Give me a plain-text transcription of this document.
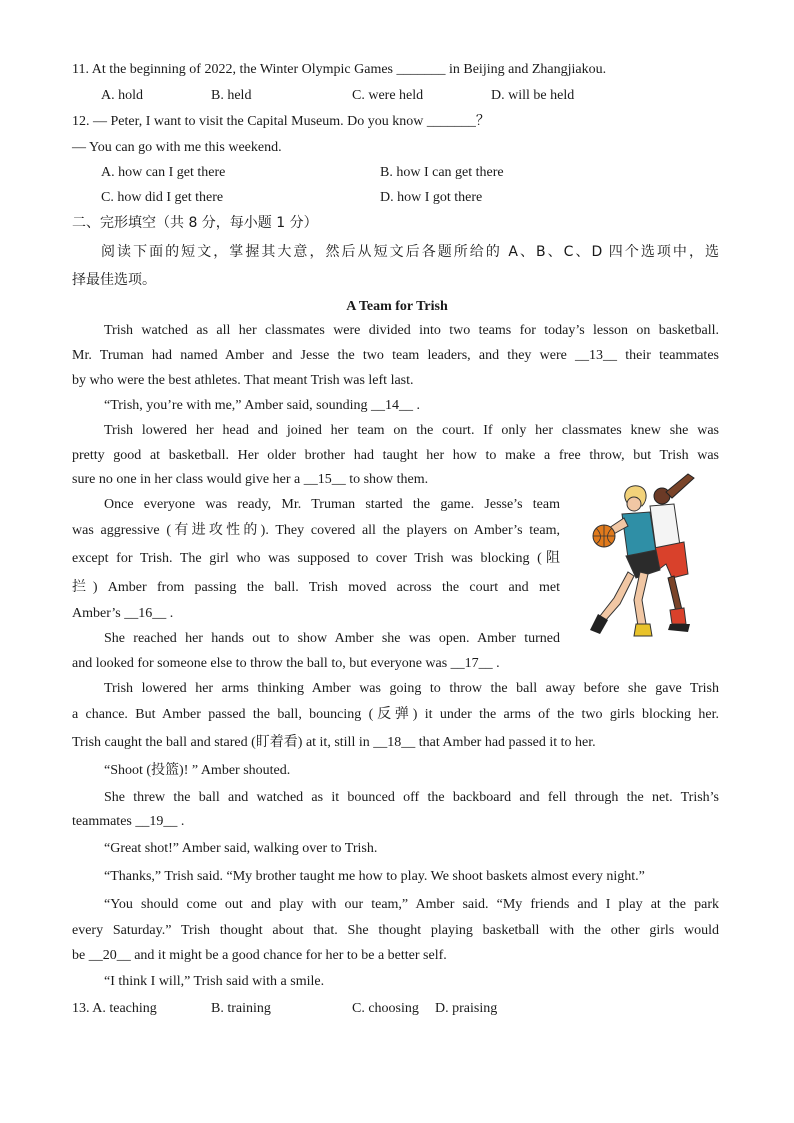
11. At the beginning of 2022, the Winter Olympic Games _______ in Beijing and Zhangjiakou.
A. hold	B. held	C. were held	D. will be held
12. — Peter, I want to visit the Capital Museum. Do you know _______？
— You can go with me this weekend.
A. how can I get there	B. how I can get there
C. how did I get there	D. how I got there
二、完形填空（共 8 分，每小题 1 分）
阅读下面的短文，掌握其大意，然后从短文后各题所给的 A、B、C、D 四个选项中，选
择最佳选项。
A Team for Trish
Trish watched as all her classmates were divided into two teams for today’s lesson on basketball.
Mr. Truman had named Amber and Jesse the two team leaders, and they were __13__ their teammates
by who were the best athletes. That meant Trish was left last.
“Trish, you’re with me,” Amber said, sounding __14__ .
Trish lowered her head and joined her team on the court. If only her classmates knew she was
pretty good at basketball. Her older brother had taught her how to make a free throw, but Trish was
sure no one in her class would give her a __15__ to show them.
Once everyone was ready, Mr. Truman started the game. Jesse’s team
was aggressive (有进攻性的). They covered all the players on Amber’s team,
except for Trish. The girl who was supposed to cover Trish was blocking (阻
拦) Amber from passing the ball. Trish moved across the court and met
Amber’s __16__ .
She reached her hands out to show Amber she was open. Amber turned
and looked for someone else to throw the ball to, but everyone was __17__ .
Trish lowered her arms thinking Amber was going to throw the ball away before she gave Trish
a chance. But Amber passed the ball, bouncing (反弹) it under the arms of the two girls blocking her.
Trish caught the ball and stared (盯着看) at it, still in __18__ that Amber had passed it to her.
“Shoot (投篮)! ” Amber shouted.
She threw the ball and watched as it bounced off the backboard and fell through the net. Trish’s
teammates __19__ .
“Great shot!” Amber said, walking over to Trish.
“Thanks,” Trish said. “My brother taught me how to play. We shoot baskets almost every night.”
“You should come out and play with our team,” Amber said. “My friends and I play at the park
every Saturday.” Trish thought about that. She thought playing basketball with the other girls would
be __20__ and it might be a good chance for her to be a better self.
“I think I will,” Trish said with a smile.
13. A. teaching	B. training	C. choosing D. praising
